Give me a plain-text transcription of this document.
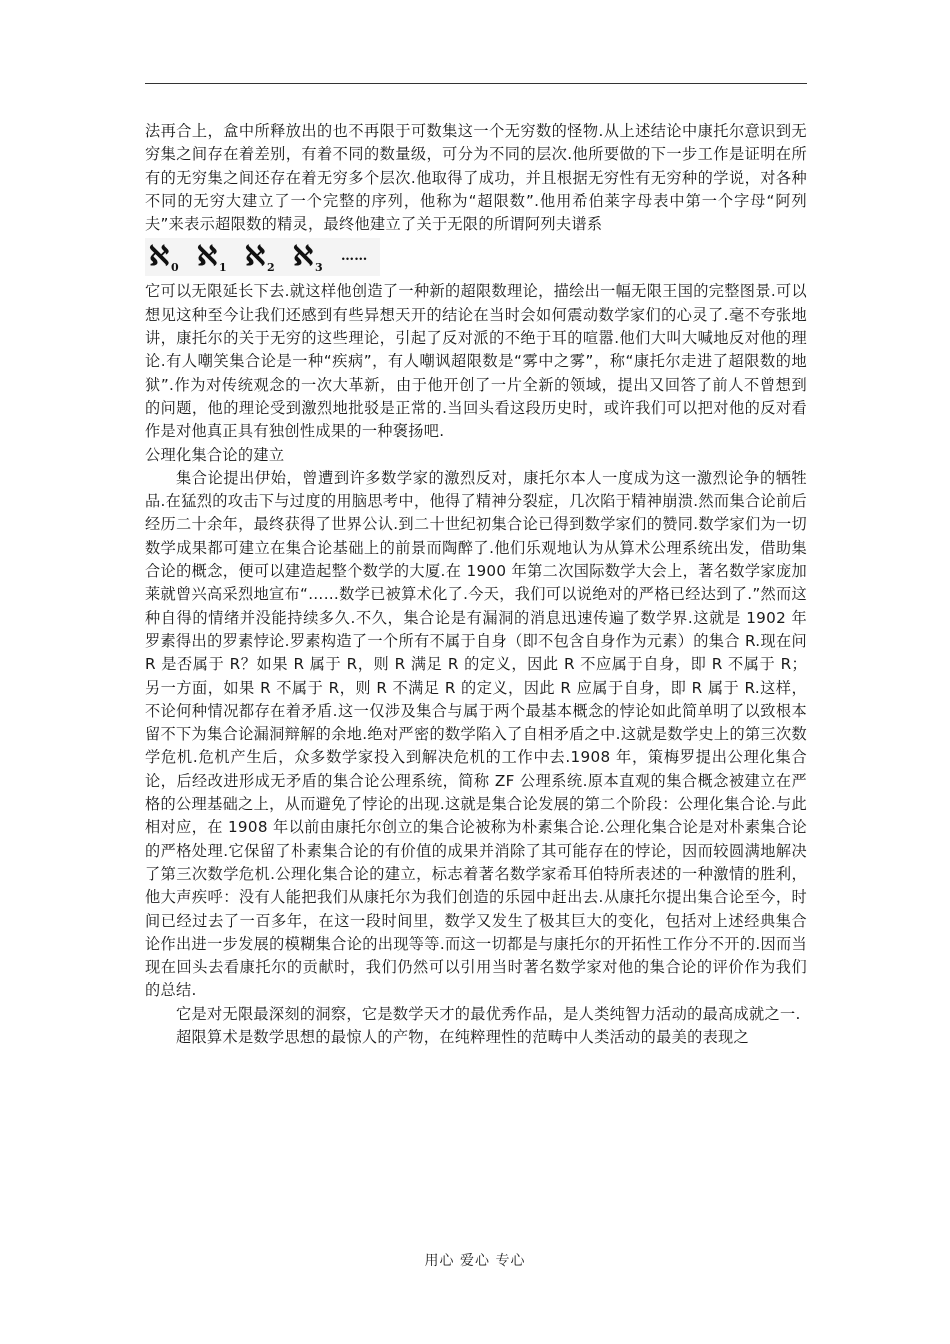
法再合上，盒中所释放出的也不再限于可数集这一个无穷数的怪物.从上述结论中康托尔意识到无穷集之间存在着差别，有着不同的数量级，可分为不同的层次.他所要做的下一步工作是证明在所有的无穷集之间还存在着无穷多个层次.他取得了成功，并且根据无穷性有无穷种的学说，对各种不同的无穷大建立了一个完整的序列，他称为“超限数”.他用希伯莱字母表中第一个字母“阿列夫”来表示超限数的精灵，最终他建立了关于无限的所谓阿列夫谱系

ℵ 0 ℵ 1 ℵ 2 ℵ 3
……

它可以无限延长下去.就这样他创造了一种新的超限数理论，描绘出一幅无限王国的完整图景.可以想见这种至今让我们还感到有些异想天开的结论在当时会如何震动数学家们的心灵了.毫不夸张地讲，康托尔的关于无穷的这些理论，引起了反对派的不绝于耳的喧嚣.他们大叫大喊地反对他的理论.有人嘲笑集合论是一种“疾病”，有人嘲讽超限数是“雾中之雾”，称“康托尔走进了超限数的地狱”.作为对传统观念的一次大革新，由于他开创了一片全新的领域，提出又回答了前人不曾想到的问题，他的理论受到激烈地批驳是正常的.当回头看这段历史时，或许我们可以把对他的反对看作是对他真正具有独创性成果的一种褒扬吧.

公理化集合论的建立

集合论提出伊始，曾遭到许多数学家的激烈反对，康托尔本人一度成为这一激烈论争的牺牲品.在猛烈的攻击下与过度的用脑思考中，他得了精神分裂症，几次陷于精神崩溃.然而集合论前后经历二十余年，最终获得了世界公认.到二十世纪初集合论已得到数学家们的赞同.数学家们为一切数学成果都可建立在集合论基础上的前景而陶醉了.他们乐观地认为从算术公理系统出发，借助集合论的概念，便可以建造起整个数学的大厦.在 1900 年第二次国际数学大会上，著名数学家庞加莱就曾兴高采烈地宣布“……数学已被算术化了.今天，我们可以说绝对的严格已经达到了.”然而这种自得的情绪并没能持续多久.不久，集合论是有漏洞的消息迅速传遍了数学界.这就是 1902 年罗素得出的罗素悖论.罗素构造了一个所有不属于自身（即不包含自身作为元素）的集合 R.现在问 R 是否属于 R？如果 R 属于 R，则 R 满足 R 的定义，因此 R 不应属于自身，即 R 不属于 R；另一方面，如果 R 不属于 R，则 R 不满足 R 的定义，因此 R 应属于自身，即 R 属于 R.这样，不论何种情况都存在着矛盾.这一仅涉及集合与属于两个最基本概念的悖论如此简单明了以致根本留不下为集合论漏洞辩解的余地.绝对严密的数学陷入了自相矛盾之中.这就是数学史上的第三次数学危机.危机产生后，众多数学家投入到解决危机的工作中去.1908 年，策梅罗提出公理化集合论，后经改进形成无矛盾的集合论公理系统，简称 ZF 公理系统.原本直观的集合概念被建立在严格的公理基础之上，从而避免了悖论的出现.这就是集合论发展的第二个阶段：公理化集合论.与此相对应，在 1908 年以前由康托尔创立的集合论被称为朴素集合论.公理化集合论是对朴素集合论的严格处理.它保留了朴素集合论的有价值的成果并消除了其可能存在的悖论，因而较圆满地解决了第三次数学危机.公理化集合论的建立，标志着著名数学家希耳伯特所表述的一种激情的胜利，他大声疾呼：没有人能把我们从康托尔为我们创造的乐园中赶出去.从康托尔提出集合论至今，时间已经过去了一百多年，在这一段时间里，数学又发生了极其巨大的变化，包括对上述经典集合论作出进一步发展的模糊集合论的出现等等.而这一切都是与康托尔的开拓性工作分不开的.因而当现在回头去看康托尔的贡献时，我们仍然可以引用当时著名数学家对他的集合论的评价作为我们的总结.

它是对无限最深刻的洞察，它是数学天才的最优秀作品，是人类纯智力活动的最高成就之一.

超限算术是数学思想的最惊人的产物，在纯粹理性的范畴中人类活动的最美的表现之

用心 爱心 专心
